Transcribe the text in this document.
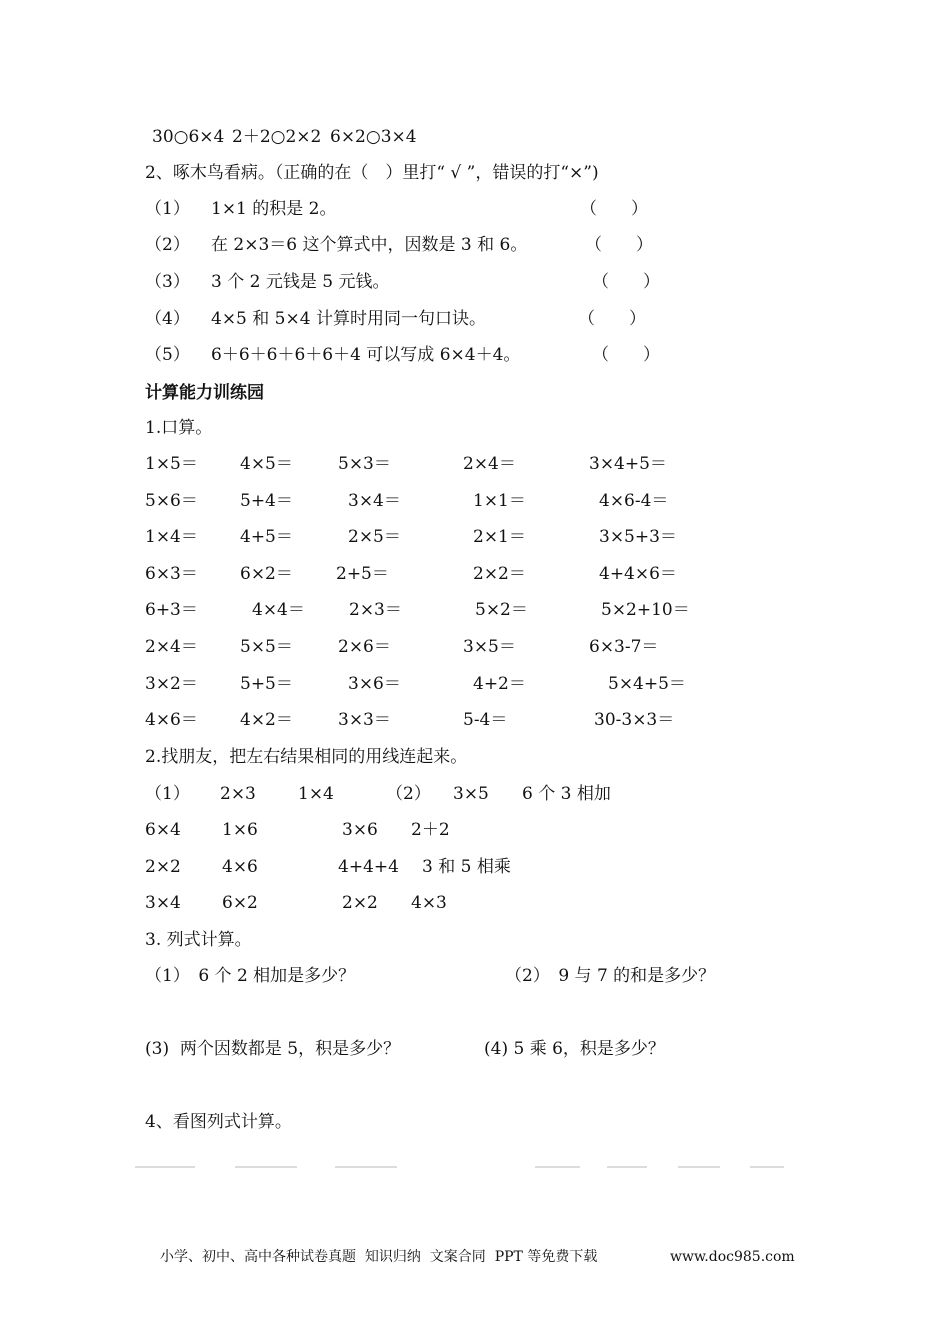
30○6×4 2＋2○2×2 6×2○3×4
2、啄木鸟看病。（正确的在（　）里打“ √ ”，错误的打“×”)
（1） 1×1 的积是 2。	（　　）
（2） 在 2×3＝6 这个算式中，因数是 3 和 6。	（　　）
（3） 3 个 2 元钱是 5 元钱。	（　　）
（4） 4×5 和 5×4 计算时用同一句口诀。	（　　）
（5） 6＋6＋6＋6＋6＋4 可以写成 6×4＋4。	（　　）
计算能力训练园
1.口算。
1×5＝ 4×5＝	5×3＝	2×4＝	3×4+5＝
5×6＝ 5+4＝	3×4＝	1×1＝	4×6-4＝
1×4＝ 4+5＝	2×5＝	2×1＝	3×5+3＝
6×3＝ 6×2＝	2+5＝	2×2＝	4+4×6＝
6+3＝	4×4＝	2×3＝	5×2＝	5×2+10＝
2×4＝ 5×5＝	2×6＝	3×5＝	6×3-7＝
3×2＝ 5+5＝	3×6＝	4+2＝	5×4+5＝
4×6＝ 4×2＝	3×3＝	5-4＝	30-3×3＝
2.找朋友，把左右结果相同的用线连起来。
（1） 2×3 1×4	（2） 3×5 6 个 3 相加
6×4 1×6	3×6 2＋2
2×2 4×6	4+4+4 3 和 5 相乘
3×4 6×2	2×2 4×3
3. 列式计算。
（1）　6 个 2 相加是多少？	（2）　9 与 7 的和是多少？
(3)  两个因数都是 5，积是多少？	(4) 5 乘 6，积是多少？
4、看图列式计算。
小学、初中、高中各种试卷真题  知识归纳  文案合同  PPT 等免费下载	www.doc985.com
